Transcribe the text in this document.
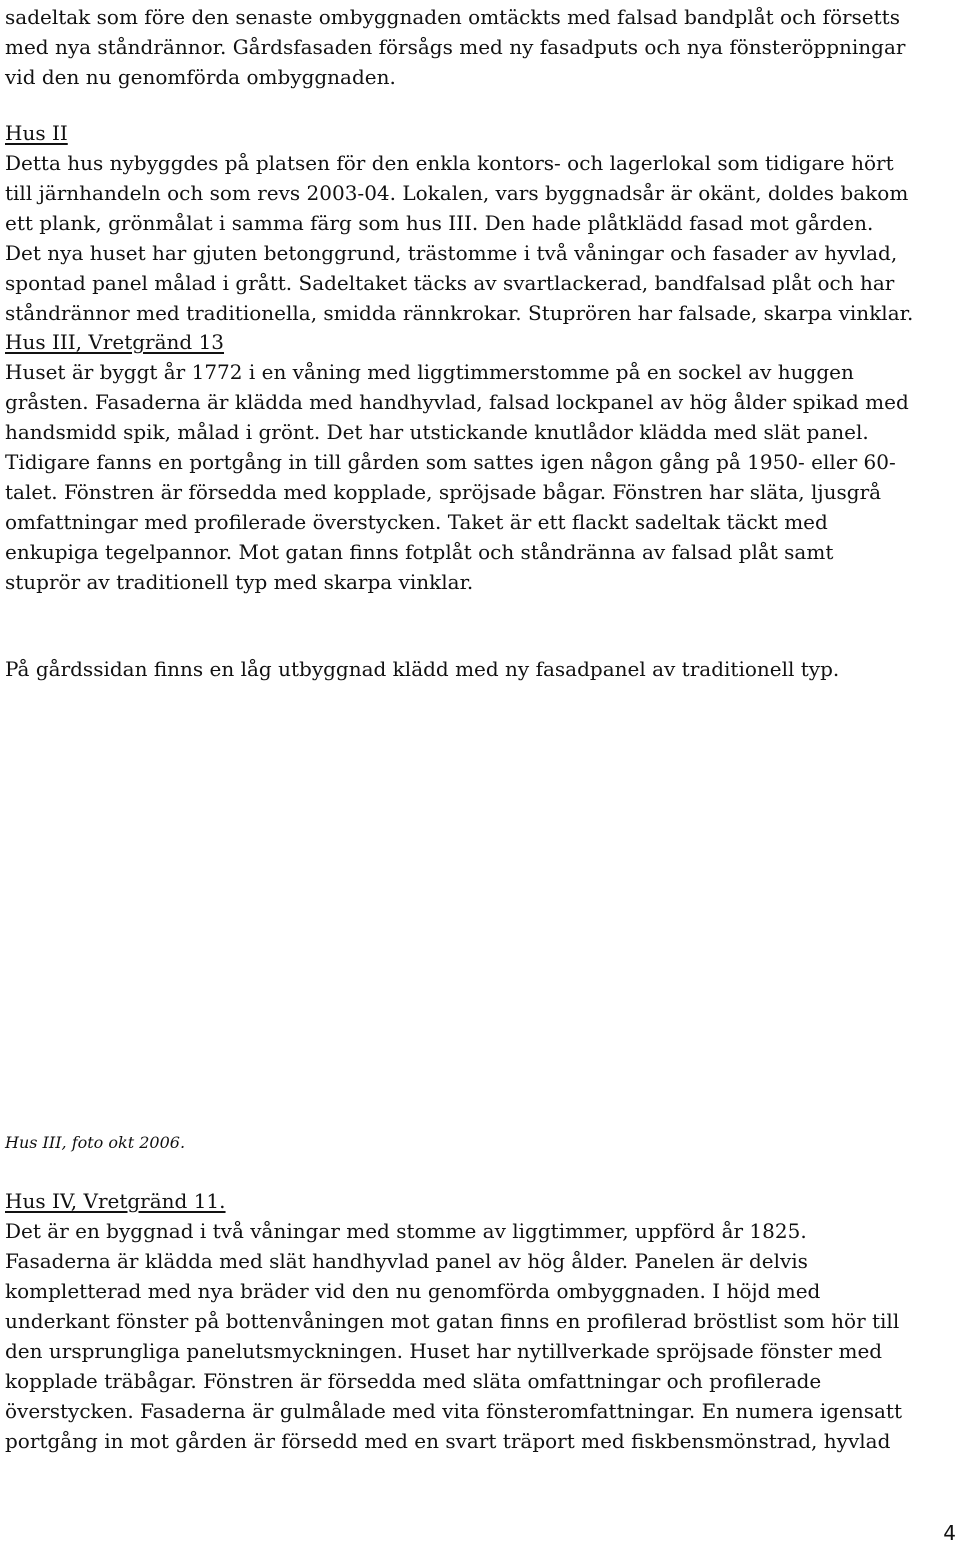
sadeltak som före den senaste ombyggnaden omtäckts med falsad bandplåt och försetts
med nya ståndrännor. Gårdsfasaden försågs med ny fasadputs och nya fönsteröppningar
vid den nu genomförda ombyggnaden.

Hus II

Detta hus nybyggdes på platsen för den enkla kontors- och lagerlokal som tidigare hört
till järnhandeln och som revs 2003-04. Lokalen, vars byggnadsår är okänt, doldes bakom
ett plank, grönmålat i samma färg som hus III. Den hade plåtklädd fasad mot gården.
Det nya huset har gjuten betonggrund, trästomme i två våningar och fasader av hyvlad,
spontad panel målad i grått. Sadeltaket täcks av svartlackerad, bandfalsad plåt och har
ståndrännor med traditionella, smidda rännkrokar. Stuprören har falsade, skarpa vinklar.

Hus III, Vretgränd 13

Huset är byggt år 1772 i en våning med liggtimmerstomme på en sockel av huggen
gråsten. Fasaderna är klädda med handhyvlad, falsad lockpanel av hög ålder spikad med
handsmidd spik, målad i grönt. Det har utstickande knutlådor klädda med slät panel.
Tidigare fanns en portgång in till gården som sattes igen någon gång på 1950- eller 60-
talet. Fönstren är försedda med kopplade, spröjsade bågar. Fönstren har släta, ljusgrå
omfattningar med profilerade överstycken. Taket är ett flackt sadeltak täckt med
enkupiga tegelpannor. Mot gatan finns fotplåt och ståndränna av falsad plåt samt
stuprör av traditionell typ med skarpa vinklar.

På gårdssidan finns en låg utbyggnad klädd med ny fasadpanel av traditionell typ.

Hus III, foto okt 2006.

Hus IV, Vretgränd 11.

Det är en byggnad i två våningar med stomme av liggtimmer, uppförd år 1825.
Fasaderna är klädda med slät handhyvlad panel av hög ålder. Panelen är delvis
kompletterad med nya bräder vid den nu genomförda ombyggnaden. I höjd med
underkant fönster på bottenvåningen mot gatan finns en profilerad bröstlist som hör till
den ursprungliga panelutsmyckningen. Huset har nytillverkade spröjsade fönster med
kopplade träbågar. Fönstren är försedda med släta omfattningar och profilerade
överstycken. Fasaderna är gulmålade med vita fönsteromfattningar. En numera igensatt
portgång in mot gården är försedd med en svart träport med fiskbensmönstrad, hyvlad

4
